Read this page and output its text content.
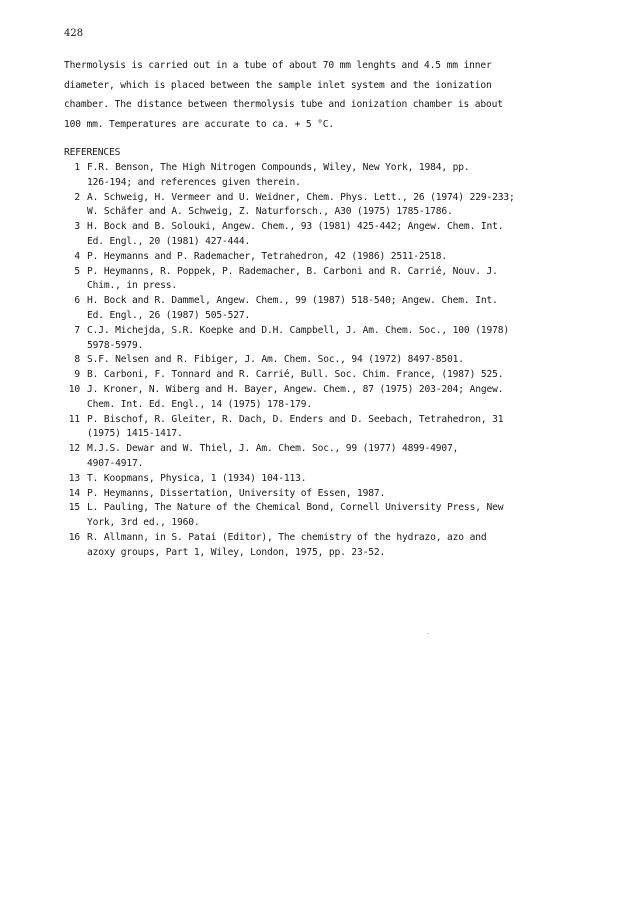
428
Thermolysis is carried out in a tube of about 70 mm lenghts and 4.5 mm inner
diameter, which is placed between the sample inlet system and the ionization
chamber. The distance between thermolysis tube and ionization chamber is about
100 mm. Temperatures are accurate to ca. + 5 °C.
REFERENCES
1 F.R. Benson, The High Nitrogen Compounds, Wiley, New York, 1984, pp.
126-194; and references given therein.
2 A. Schweig, H. Vermeer and U. Weidner, Chem. Phys. Lett., 26 (1974) 229-233;
W. Schäfer and A. Schweig, Z. Naturforsch., A30 (1975) 1785-1786.
3 H. Bock and B. Solouki, Angew. Chem., 93 (1981) 425-442; Angew. Chem. Int.
Ed. Engl., 20 (1981) 427-444.
4 P. Heymanns and P. Rademacher, Tetrahedron, 42 (1986) 2511-2518.
5 P. Heymanns, R. Poppek, P. Rademacher, B. Carboni and R. Carrié, Nouv. J.
Chim., in press.
6 H. Bock and R. Dammel, Angew. Chem., 99 (1987) 518-540; Angew. Chem. Int.
Ed. Engl., 26 (1987) 505-527.
7 C.J. Michejda, S.R. Koepke and D.H. Campbell, J. Am. Chem. Soc., 100 (1978)
5978-5979.
8 S.F. Nelsen and R. Fibiger, J. Am. Chem. Soc., 94 (1972) 8497-8501.
9 B. Carboni, F. Tonnard and R. Carrié, Bull. Soc. Chim. France, (1987) 525.
10 J. Kroner, N. Wiberg and H. Bayer, Angew. Chem., 87 (1975) 203-204; Angew.
Chem. Int. Ed. Engl., 14 (1975) 178-179.
11 P. Bischof, R. Gleiter, R. Dach, D. Enders and D. Seebach, Tetrahedron, 31
(1975) 1415-1417.
12 M.J.S. Dewar and W. Thiel, J. Am. Chem. Soc., 99 (1977) 4899-4907,
4907-4917.
13 T. Koopmans, Physica, 1 (1934) 104-113.
14 P. Heymanns, Dissertation, University of Essen, 1987.
15 L. Pauling, The Nature of the Chemical Bond, Cornell University Press, New
York, 3rd ed., 1960.
16 R. Allmann, in S. Patai (Editor), The chemistry of the hydrazo, azo and
azoxy groups, Part 1, Wiley, London, 1975, pp. 23-52.
